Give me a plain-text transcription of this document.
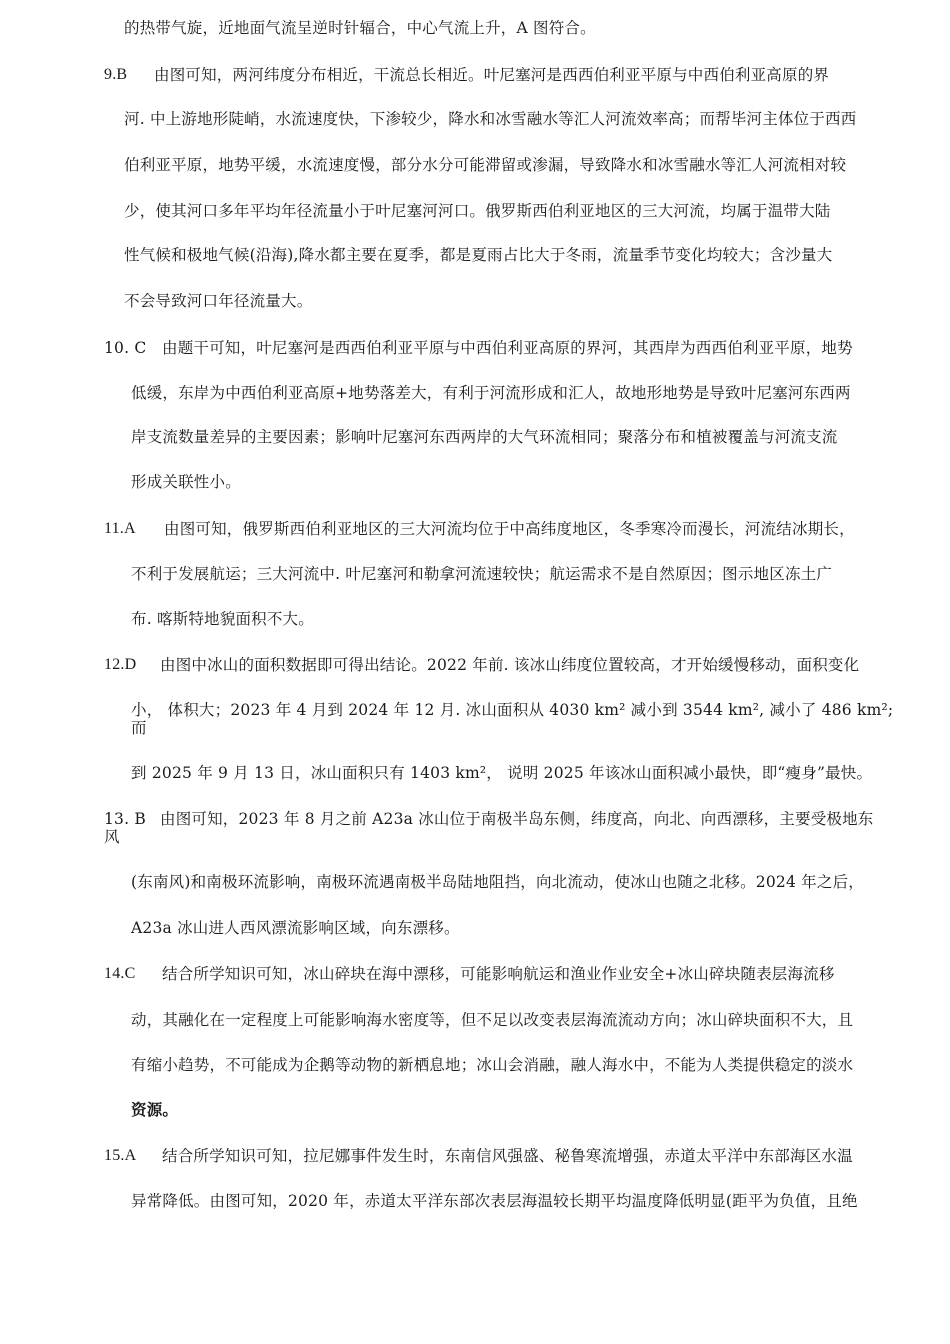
的热带气旋，近地面气流呈逆时针辐合，中心气流上升，A 图符合。
9.B 由图可知，两河纬度分布相近，干流总长相近。叶尼塞河是西西伯利亚平原与中西伯利亚高原的界
河. 中上游地形陡峭，水流速度快，下渗较少，降水和冰雪融水等汇人河流效率高；而帮毕河主体位于西西
伯利亚平原，地势平缓，水流速度慢，部分水分可能滞留或渗漏，导致降水和冰雪融水等汇人河流相对较
少，使其河口多年平均年径流量小于叶尼塞河河口。俄罗斯西伯利亚地区的三大河流，均属于温带大陆
性气候和极地气候(沿海),降水都主要在夏季，都是夏雨占比大于冬雨，流量季节变化均较大；含沙量大
不会导致河口年径流量大。
10. C 由题干可知，叶尼塞河是西西伯利亚平原与中西伯利亚高原的界河，其西岸为西西伯利亚平原，地势
低缓，东岸为中西伯利亚高原+地势落差大，有利于河流形成和汇人，故地形地势是导致叶尼塞河东西两
岸支流数量差异的主要因素；影响叶尼塞河东西两岸的大气环流相同；聚落分布和植被覆盖与河流支流
形成关联性小。
11.A 由图可知，俄罗斯西伯利亚地区的三大河流均位于中高纬度地区，冬季寒冷而漫长，河流结冰期长，
不利于发展航运；三大河流中. 叶尼塞河和勒拿河流速较快；航运需求不是自然原因；图示地区冻土广
布. 喀斯特地貌面积不大。
12.D 由图中冰山的面积数据即可得出结论。2022 年前. 该冰山纬度位置较高，才开始缓慢移动，面积变化
小， 体积大；2023 年 4 月到 2024 年 12 月. 冰山面积从 4030 km² 减小到 3544 km², 减小了 486 km²;
而
到 2025 年 9 月 13 日，冰山面积只有 1403 km²， 说明 2025 年该冰山面积减小最快，即“瘦身”最快。
13. B 由图可知，2023 年 8 月之前 A23a 冰山位于南极半岛东侧，纬度高，向北、向西漂移，主要受极地东
风
(东南风)和南极环流影响，南极环流遇南极半岛陆地阻挡，向北流动，使冰山也随之北移。2024 年之后，
A23a 冰山进人西风漂流影响区域，向东漂移。
14.C 结合所学知识可知，冰山碎块在海中漂移，可能影响航运和渔业作业安全+冰山碎块随表层海流移
动，其融化在一定程度上可能影响海水密度等，但不足以改变表层海流流动方向；冰山碎块面积不大，且
有缩小趋势，不可能成为企鹅等动物的新栖息地；冰山会消融，融人海水中，不能为人类提供稳定的淡水
资源。
15.A 结合所学知识可知，拉尼娜事件发生时，东南信风强盛、秘鲁寒流增强，赤道太平洋中东部海区水温
异常降低。由图可知，2020 年，赤道太平洋东部次表层海温较长期平均温度降低明显(距平为负值，且绝
